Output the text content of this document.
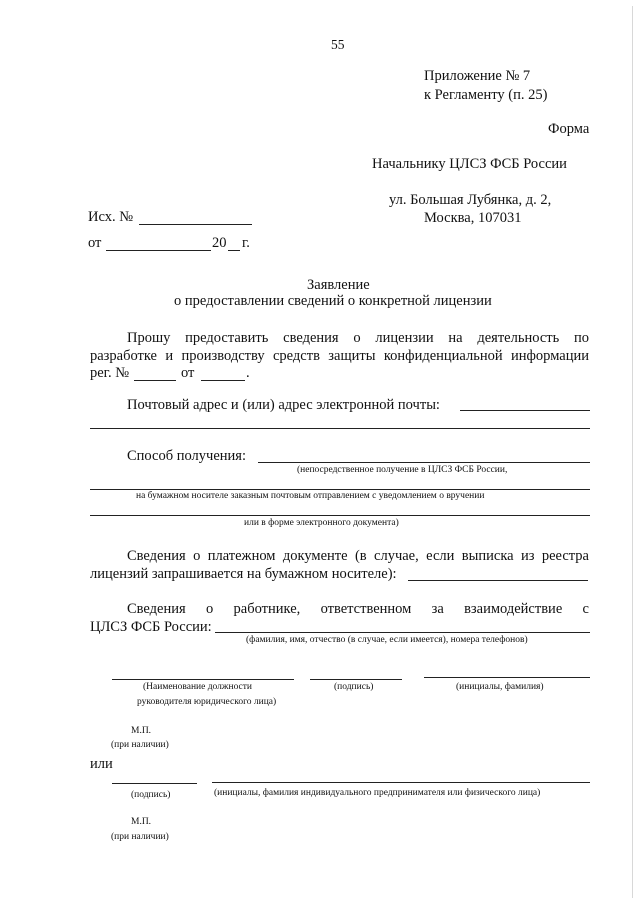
55
Приложение № 7
к Регламенту (п. 25)
Форма
Начальнику ЦЛСЗ ФСБ России
ул. Большая Лубянка, д. 2,
Москва, 107031
Исх. №
от	20 г.
Заявление
о предоставлении сведений о конкретной лицензии
Прошу предоставить сведения о лицензии на деятельность по
разработке и производству средств защиты конфиденциальной информации
рег. №	от	.
Почтовый адрес и (или) адрес электронной почты:
Способ получения:
(непосредственное получение в ЦЛСЗ ФСБ России,
на бумажном носителе заказным почтовым отправлением с уведомлением о вручении
или в форме электронного документа)
Сведения о платежном документе (в случае, если выписка из реестра
лицензий запрашивается на бумажном носителе):
Сведения о работнике, ответственном за взаимодействие с
ЦЛСЗ ФСБ России:
(фамилия, имя, отчество (в случае, если имеется), номера телефонов)
(Наименование должности
руководителя юридического лица)
(подпись)	(инициалы, фамилия)
М.П.
(при наличии)
или
(подпись)	(инициалы, фамилия индивидуального предпринимателя или физического лица)
М.П.
(при наличии)
